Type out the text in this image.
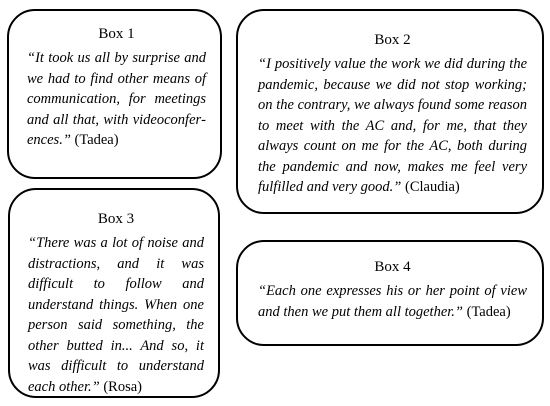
Box 1

“It took us all by surprise and we had to find other means of communication, for meetings and all that, with videoconferences.” (Tadea)

Box 2

“I positively value the work we did during the pandemic, because we did not stop working; on the contrary, we always found some reason to meet with the AC and, for me, that they always count on me for the AC, both during the pandemic and now, makes me feel very fulfilled and very good.” (Claudia)

Box 3

“There was a lot of noise and distractions, and it was difficult to follow and understand things. When one person said something, the other butted in... And so, it was difficult to understand each other.” (Rosa)

Box 4

“Each one expresses his or her point of view and then we put them all together.” (Tadea)
